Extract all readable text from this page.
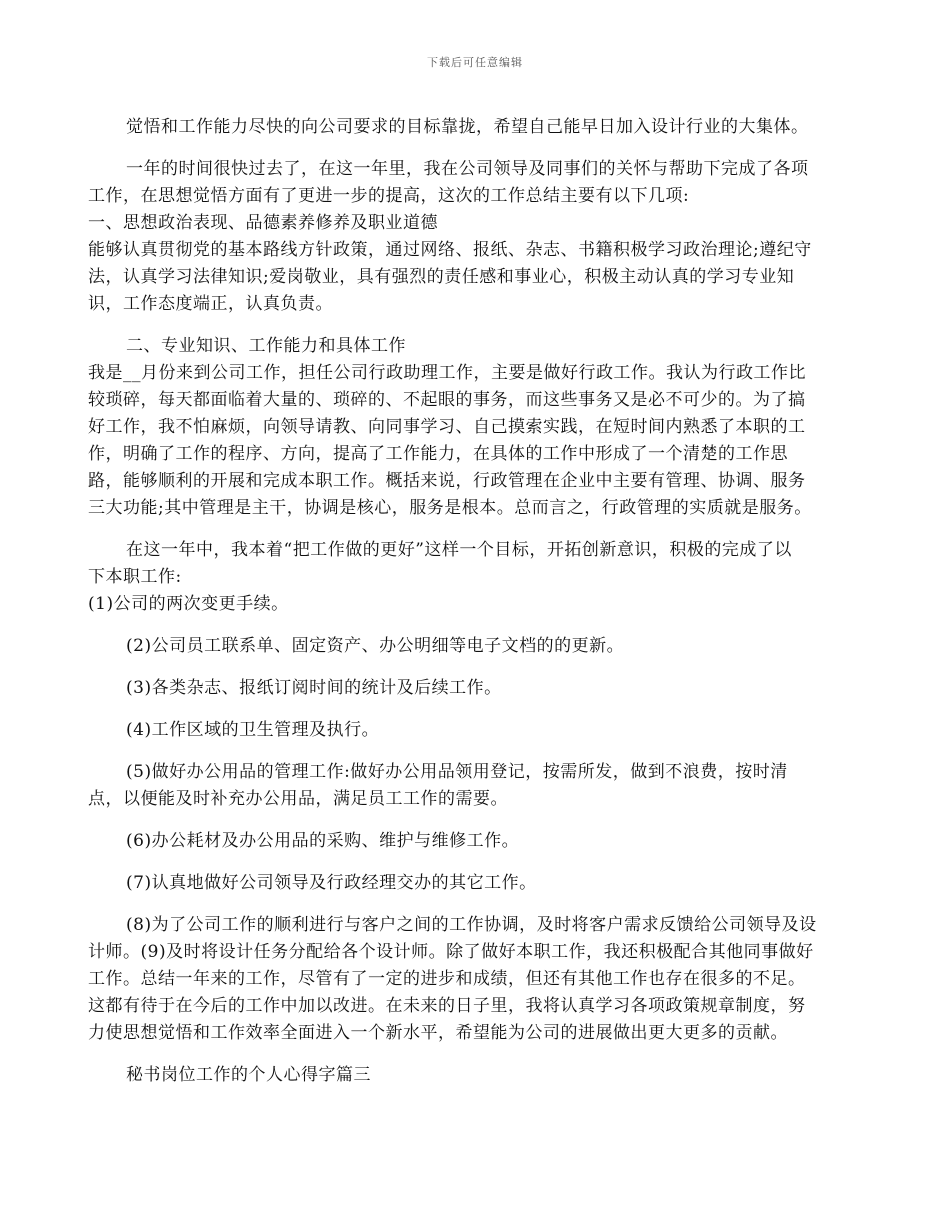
下载后可任意编辑
觉悟和工作能力尽快的向公司要求的目标靠拢，希望自己能早日加入设计行业的大集体。
一年的时间很快过去了，在这一年里，我在公司领导及同事们的关怀与帮助下完成了各项
工作，在思想觉悟方面有了更进一步的提高，这次的工作总结主要有以下几项:
一、思想政治表现、品德素养修养及职业道德
能够认真贯彻党的基本路线方针政策，通过网络、报纸、杂志、书籍积极学习政治理论;遵纪守
法，认真学习法律知识;爱岗敬业，具有强烈的责任感和事业心，积极主动认真的学习专业知
识，工作态度端正，认真负责。
二、专业知识、工作能力和具体工作
我是__月份来到公司工作，担任公司行政助理工作，主要是做好行政工作。我认为行政工作比
较琐碎，每天都面临着大量的、琐碎的、不起眼的事务，而这些事务又是必不可少的。为了搞
好工作，我不怕麻烦，向领导请教、向同事学习、自己摸索实践，在短时间内熟悉了本职的工
作，明确了工作的程序、方向，提高了工作能力，在具体的工作中形成了一个清楚的工作思
路，能够顺利的开展和完成本职工作。概括来说，行政管理在企业中主要有管理、协调、服务
三大功能;其中管理是主干，协调是核心，服务是根本。总而言之，行政管理的实质就是服务。
在这一年中，我本着“把工作做的更好”这样一个目标，开拓创新意识，积极的完成了以
下本职工作:
(1)公司的两次变更手续。
(2)公司员工联系单、固定资产、办公明细等电子文档的的更新。
(3)各类杂志、报纸订阅时间的统计及后续工作。
(4)工作区域的卫生管理及执行。
(5)做好办公用品的管理工作:做好办公用品领用登记，按需所发，做到不浪费，按时清
点，以便能及时补充办公用品，满足员工工作的需要。
(6)办公耗材及办公用品的采购、维护与维修工作。
(7)认真地做好公司领导及行政经理交办的其它工作。
(8)为了公司工作的顺利进行与客户之间的工作协调，及时将客户需求反馈给公司领导及设
计师。(9)及时将设计任务分配给各个设计师。除了做好本职工作，我还积极配合其他同事做好
工作。总结一年来的工作，尽管有了一定的进步和成绩，但还有其他工作也存在很多的不足。
这都有待于在今后的工作中加以改进。在未来的日子里，我将认真学习各项政策规章制度，努
力使思想觉悟和工作效率全面进入一个新水平，希望能为公司的进展做出更大更多的贡献。
秘书岗位工作的个人心得字篇三
